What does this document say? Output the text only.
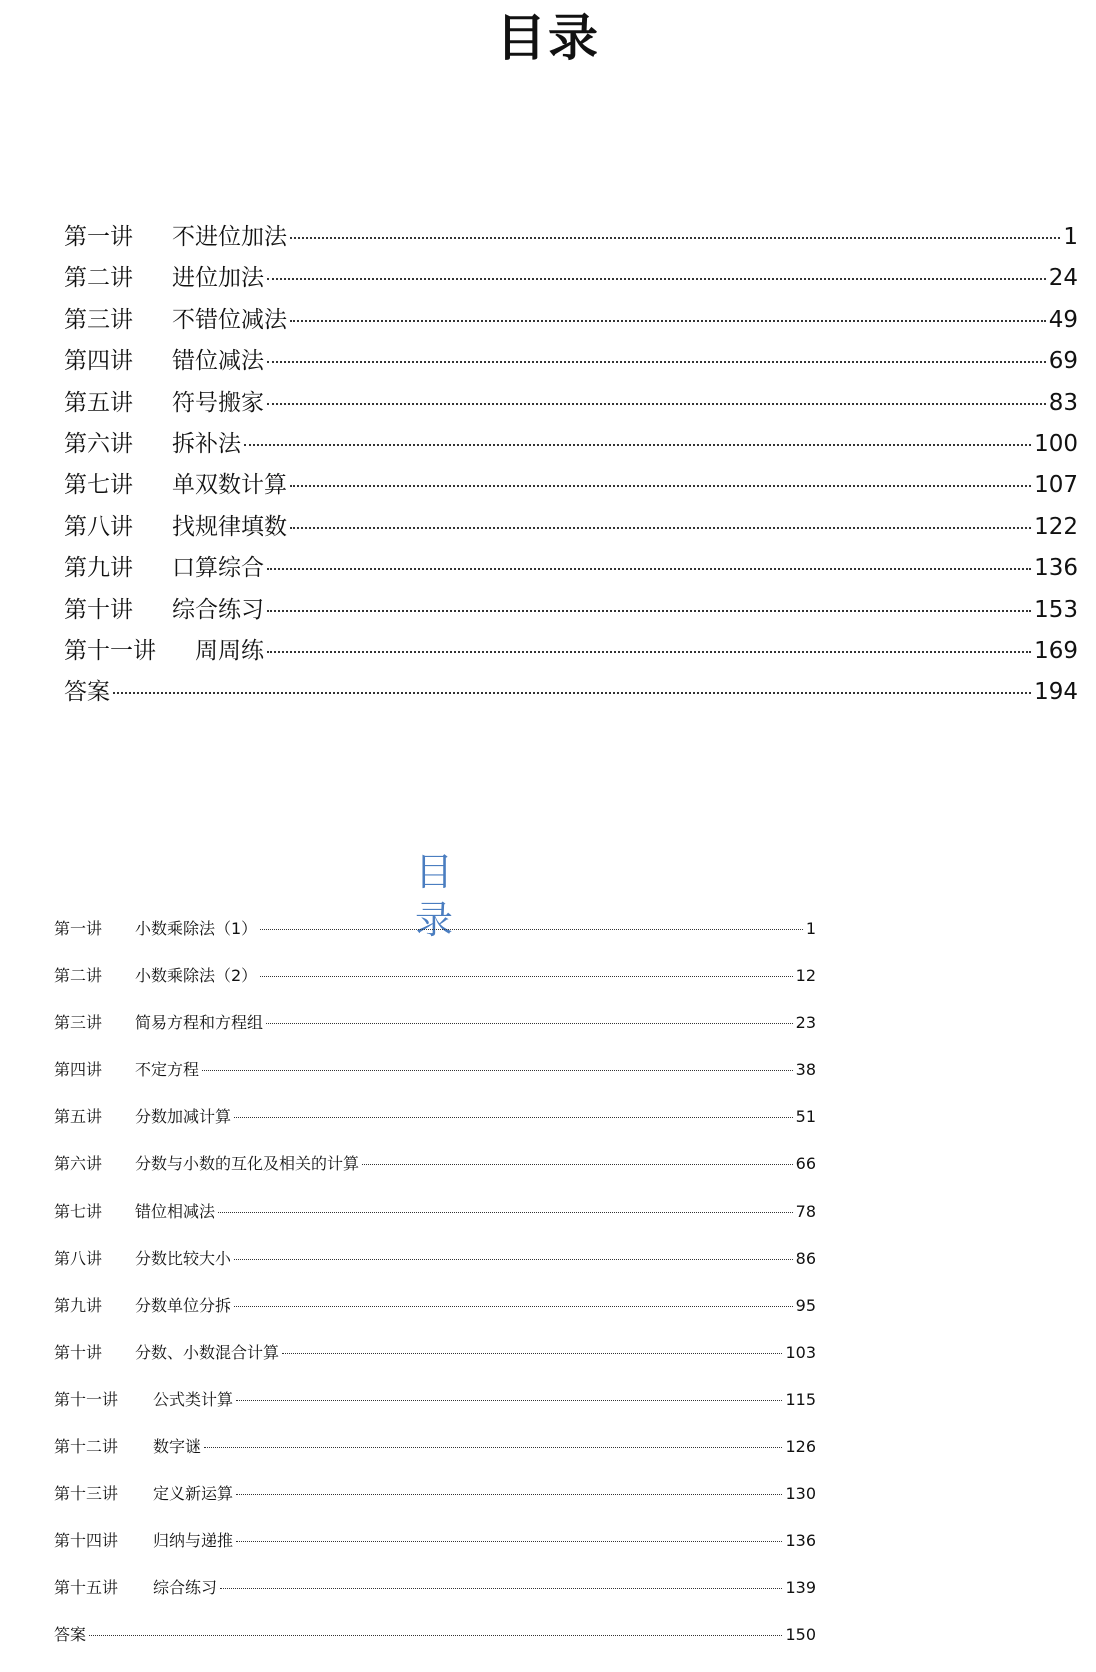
目录
第一讲	不进位加法	1
第二讲	进位加法	24
第三讲	不错位减法	49
第四讲	错位减法	69
第五讲	符号搬家	83
第六讲	拆补法	100
第七讲	单双数计算	107
第八讲	找规律填数	122
第九讲	口算综合	136
第十讲	综合练习	153
第十一讲	周周练	169
答案	194
目录
第一讲	小数乘除法（1）	1
第二讲	小数乘除法（2）	12
第三讲	简易方程和方程组	23
第四讲	不定方程	38
第五讲	分数加减计算	51
第六讲	分数与小数的互化及相关的计算	66
第七讲	错位相减法	78
第八讲	分数比较大小	86
第九讲	分数单位分拆	95
第十讲	分数、小数混合计算	103
第十一讲	公式类计算	115
第十二讲	数字谜	126
第十三讲	定义新运算	130
第十四讲	归纳与递推	136
第十五讲	综合练习	139
答案	150
